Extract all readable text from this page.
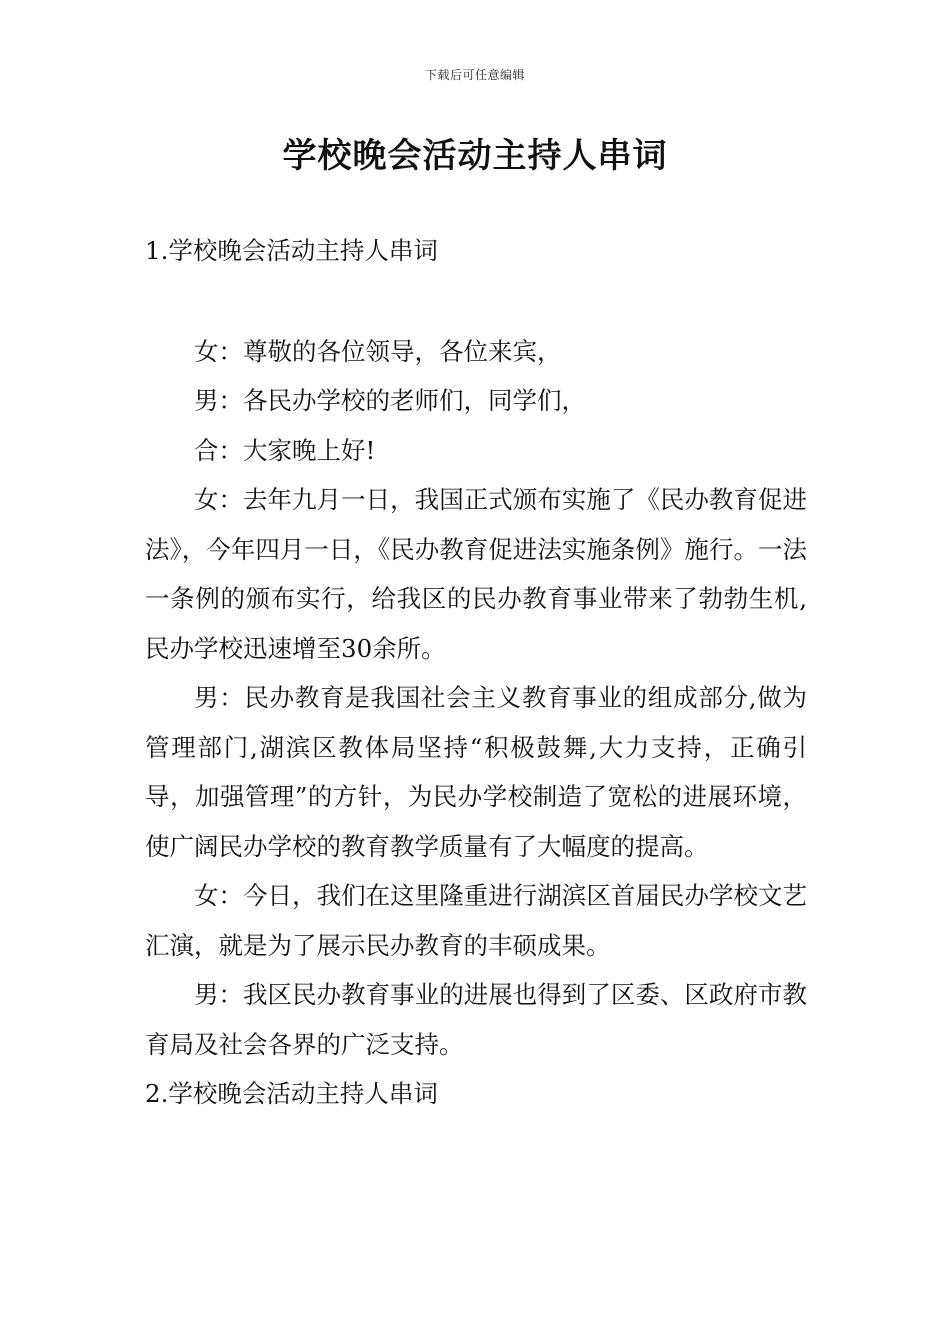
下载后可任意编辑
学校晚会活动主持人串词
1.学校晚会活动主持人串词

女：尊敬的各位领导，各位来宾，

男：各民办学校的老师们，同学们，

合：大家晚上好!

女：去年九月一日，我国正式颁布实施了《民办教育促进法》，今年四月一日，《民办教育促进法实施条例》施行。一法一条例的颁布实行，给我区的民办教育事业带来了勃勃生机,民办学校迅速增至30余所。

男：民办教育是我国社会主义教育事业的组成部分,做为管理部门,湖滨区教体局坚持“积极鼓舞,大力支持，正确引导，加强管理”的方针，为民办学校制造了宽松的进展环境，使广阔民办学校的教育教学质量有了大幅度的提高。

女：今日，我们在这里隆重进行湖滨区首届民办学校文艺汇演，就是为了展示民办教育的丰硕成果。

男：我区民办教育事业的进展也得到了区委、区政府市教育局及社会各界的广泛支持。

2.学校晚会活动主持人串词
